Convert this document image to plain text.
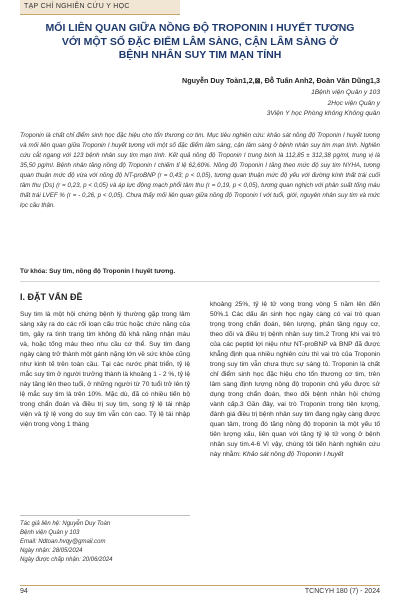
TẠP CHÍ NGHIÊN CỨU Y HỌC
MỐI LIÊN QUAN GIỮA NỒNG ĐỘ TROPONIN I HUYẾT TƯƠNG
VỚI MỘT SỐ ĐẶC ĐIỂM LÂM SÀNG, CẬN LÂM SÀNG Ở
BỆNH NHÂN SUY TIM MẠN TÍNH
Nguyễn Duy Toàn1,2,⊠, Đỗ Tuấn Anh2, Đoàn Văn Dũng1,3
1Bệnh viện Quân y 103
2Học viện Quân y
3Viện Y học Phòng không Không quân
Troponin là chất chỉ điểm sinh học đặc hiệu cho tổn thương cơ tim. Mục tiêu nghiên cứu: khảo sát nồng độ Troponin I huyết tương và mối liên quan giữa Troponin I huyết tương với một số đặc điểm lâm sàng, cận lâm sàng ở bệnh nhân suy tim mạn tính. Nghiên cứu cắt ngang với 123 bệnh nhân suy tim mạn tính. Kết quả nồng độ Troponin I trung bình là 112,85 ± 312,38 pg/ml, trung vị là 35,50 pg/ml. Bệnh nhân tăng nồng độ Troponin I chiếm tỉ lệ 62,60%. Nồng độ Troponin I tăng theo mức độ suy tim NYHA, tương quan thuận mức độ vừa với nồng độ NT-proBNP (r = 0,43; p < 0,05), tương quan thuận mức độ yếu với đường kính thất trái cuối tâm thu (Ds) (r = 0,23, p < 0,05) và áp lực động mạch phổi tâm thu (r = 0,19, p < 0,05), tương quan nghịch với phân suất tống máu thất trái LVEF % (r = - 0,26, p < 0,05). Chưa thấy mối liên quan giữa nồng độ Troponin I với tuổi, giới, nguyên nhân suy tim và mức lọc cầu thận.
Từ khóa: Suy tim, nồng độ Troponin I huyết tương.
I. ĐẶT VẤN ĐỀ
Suy tim là một hội chứng bệnh lý thường gặp trong lâm sàng xảy ra do các rối loạn cấu trúc hoặc chức năng của tim, gây ra tình trạng tim không đủ khả năng nhận máu và, hoặc tống máu theo nhu cầu cơ thể. Suy tim đang ngày càng trở thành một gánh nặng lớn về sức khỏe cũng như kinh tế trên toàn cầu. Tại các nước phát triển, tỷ lệ mắc suy tim ở người trưởng thành là khoảng 1 - 2 %, tỷ lệ này tăng lên theo tuổi, ở những người từ 70 tuổi trở lên tỷ lệ mắc suy tim là trên 10%. Mặc dù, đã có nhiều tiến bộ trong chẩn đoán và điều trị suy tim, song tỷ lệ tái nhập viện và tỷ lệ vong do suy tim vẫn còn cao. Tỷ lệ tái nhập viện trong vòng 1 tháng
khoảng 25%, tỷ lệ tử vong trong vòng 5 năm lên đến 50%.1 Các dấu ấn sinh học ngày càng có vai trò quan trọng trong chẩn đoán, tiên lượng, phân tầng nguy cơ, theo dõi và điều trị bệnh nhân suy tim.2 Trong khi vai trò của các peptid lợi niệu như NT-proBNP và BNP đã được khẳng định qua nhiều nghiên cứu thì vai trò của Troponin trong suy tim vẫn chưa thực sự sáng tỏ. Troponin là chất chỉ điểm sinh học đặc hiệu cho tổn thương cơ tim, trên lâm sàng định lượng nồng độ troponin chủ yếu được sử dụng trong chẩn đoán, theo dõi bệnh nhân hội chứng vành cấp.3 Gần đây, vai trò Troponin trong tiên lượng, đánh giá điều trị bệnh nhân suy tim đang ngày càng được quan tâm, trong đó tăng nồng độ troponin là một yếu tố tiên lượng xấu, liên quan với tăng tỷ lệ tử vong ở bệnh nhân suy tim.4-6 Vì vậy, chúng tôi tiến hành nghiên cứu này nhằm: Khảo sát nồng độ Troponin I huyết
Tác giả liên hệ: Nguyễn Duy Toàn
Bệnh viện Quân y 103
Email: Ndtoan.hvqy@gmail.com
Ngày nhận: 28/05/2024
Ngày được chấp nhận: 20/06/2024
94	TCNCYH 180 (7) - 2024
